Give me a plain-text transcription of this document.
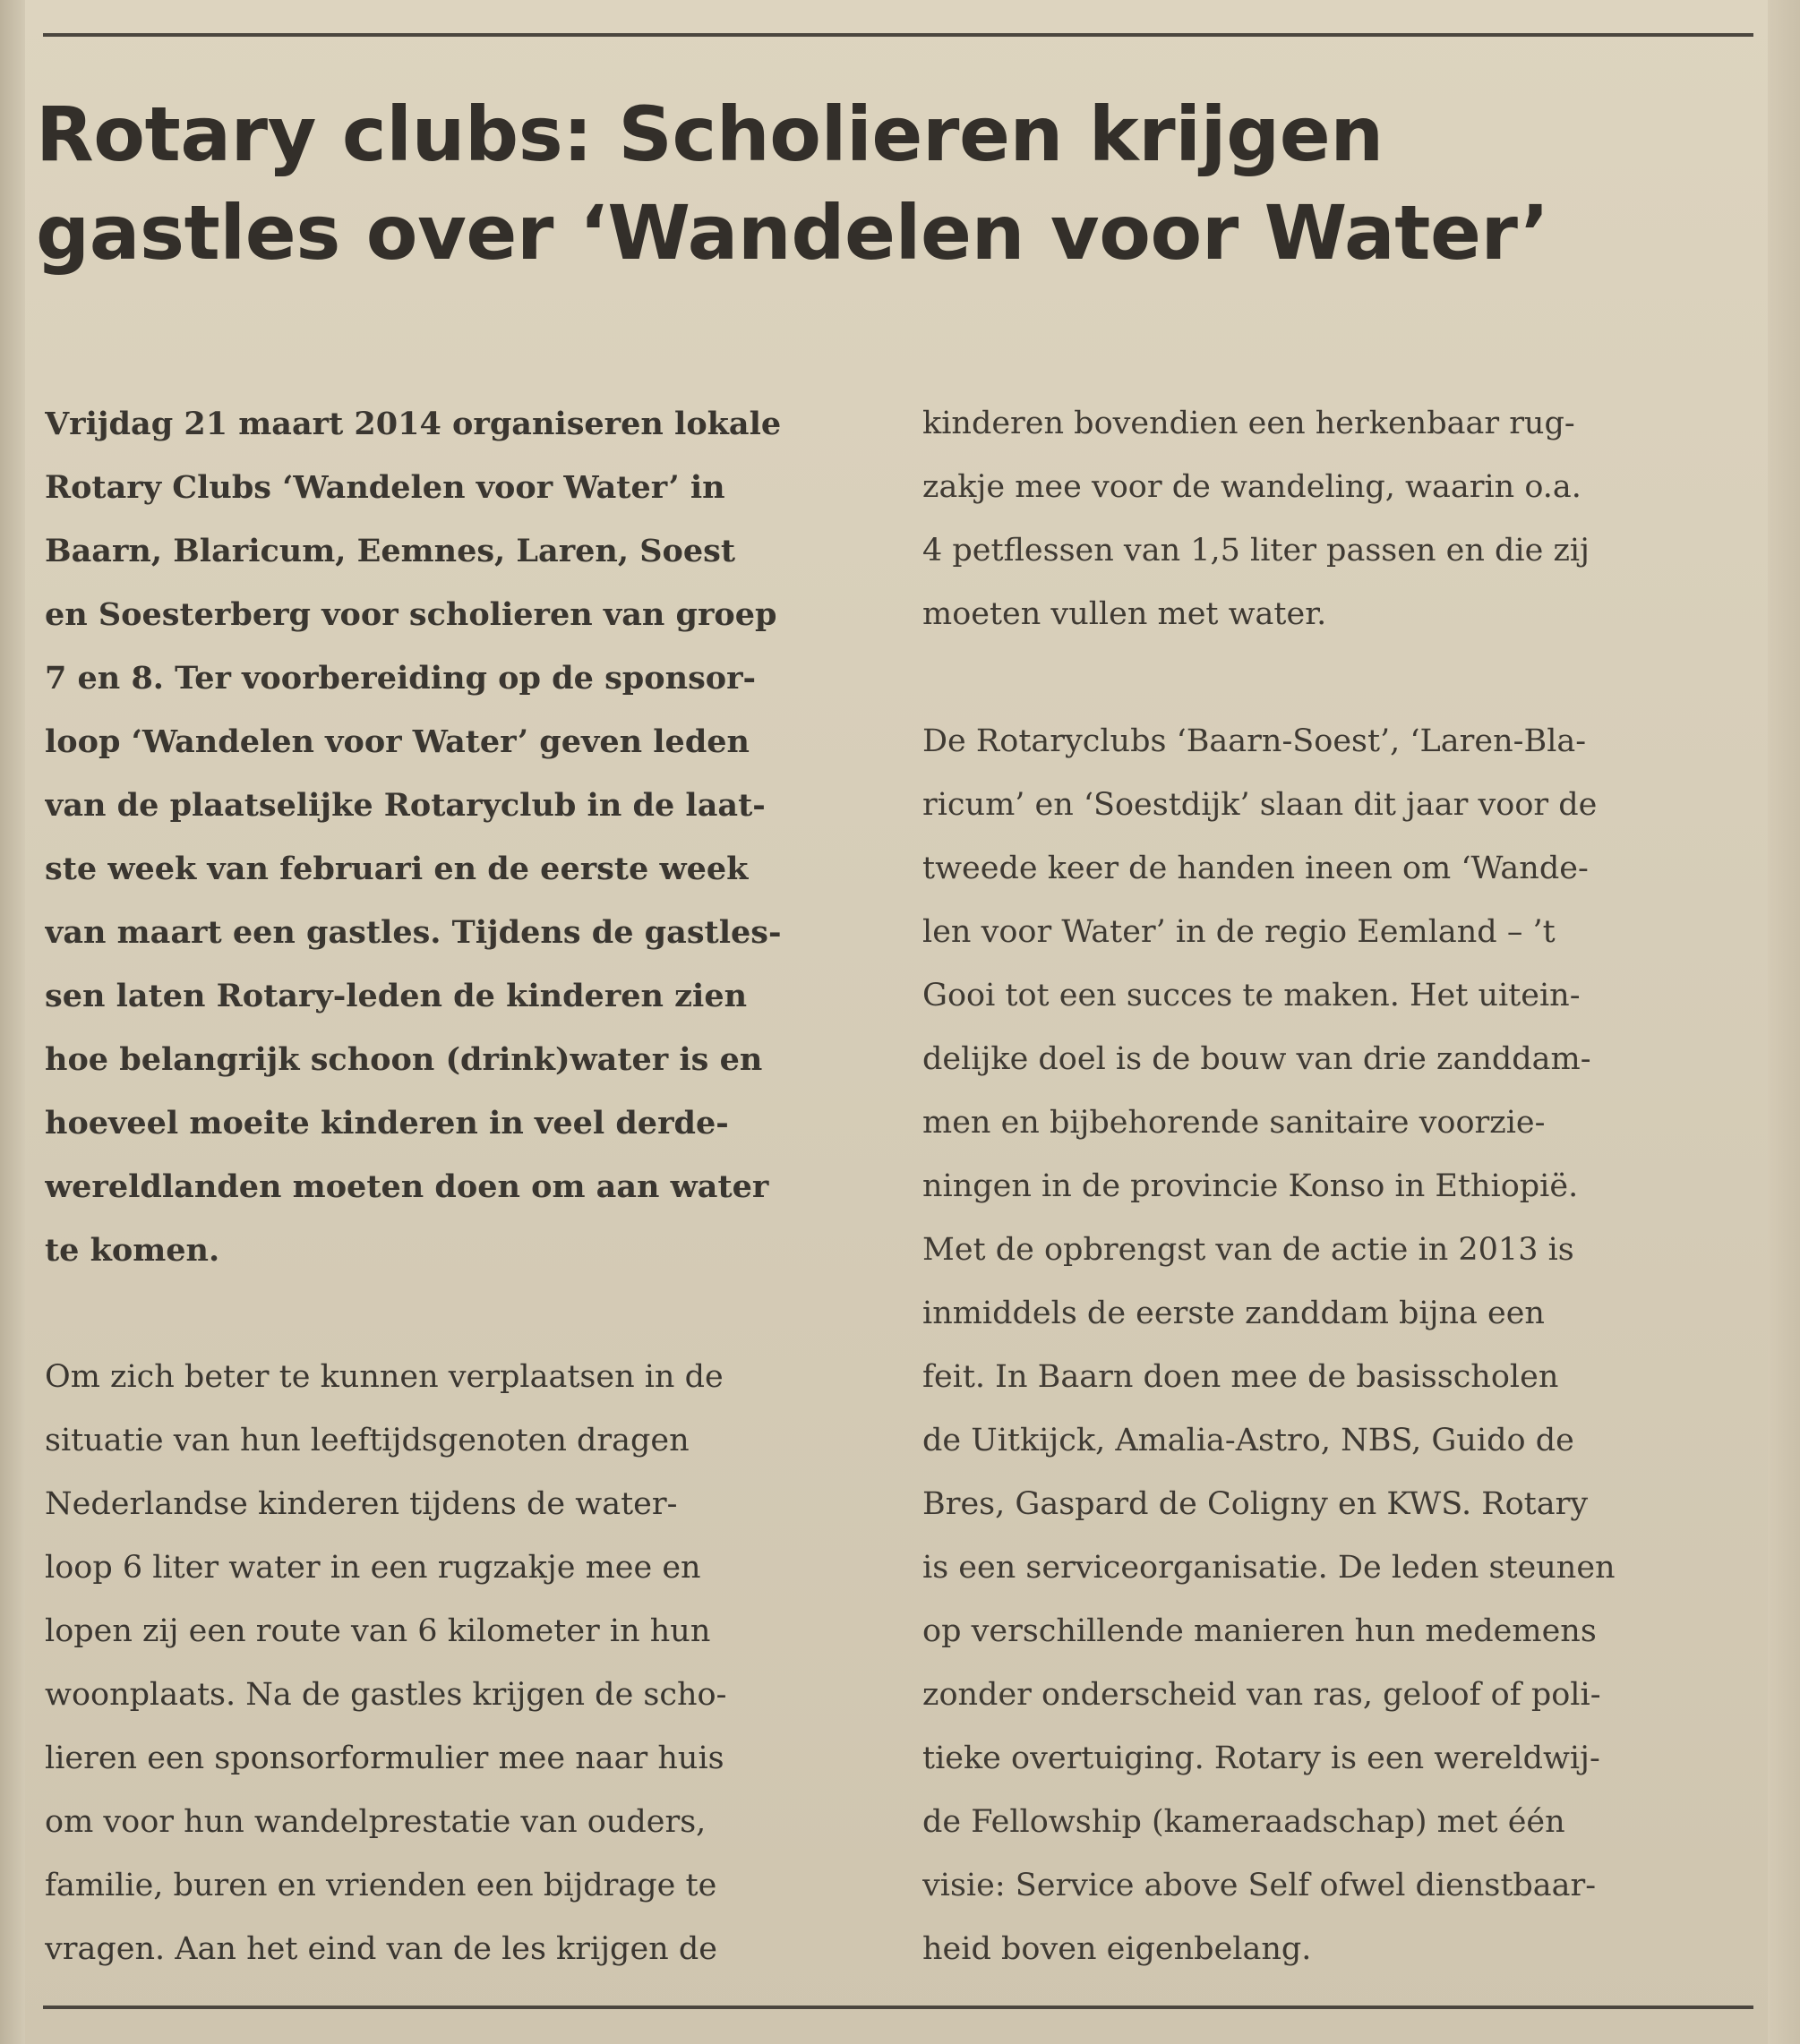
Rotary clubs: Scholieren krijgen
gastles over ‘Wandelen voor Water’
Vrijdag 21 maart 2014 organiseren lokale
Rotary Clubs ‘Wandelen voor Water’ in
Baarn, Blaricum, Eemnes, Laren, Soest
en Soesterberg voor scholieren van groep
7 en 8. Ter voorbereiding op de sponsor-
loop ‘Wandelen voor Water’ geven leden
van de plaatselijke Rotaryclub in de laat-
ste week van februari en de eerste week
van maart een gastles. Tijdens de gastles-
sen laten Rotary-leden de kinderen zien
hoe belangrijk schoon (drink)water is en
hoeveel moeite kinderen in veel derde-
wereldlanden moeten doen om aan water
te komen.
Om zich beter te kunnen verplaatsen in de
situatie van hun leeftijdsgenoten dragen
Nederlandse kinderen tijdens de water-
loop 6 liter water in een rugzakje mee en
lopen zij een route van 6 kilometer in hun
woonplaats. Na de gastles krijgen de scho-
lieren een sponsorformulier mee naar huis
om voor hun wandelprestatie van ouders,
familie, buren en vrienden een bijdrage te
vragen. Aan het eind van de les krijgen de
kinderen bovendien een herkenbaar rug-
zakje mee voor de wandeling, waarin o.a.
4 petflessen van 1,5 liter passen en die zij
moeten vullen met water.
De Rotaryclubs ‘Baarn-Soest’, ‘Laren-Bla-
ricum’ en ‘Soestdijk’ slaan dit jaar voor de
tweede keer de handen ineen om ‘Wande-
len voor Water’ in de regio Eemland – ’t
Gooi tot een succes te maken. Het uitein-
delijke doel is de bouw van drie zanddam-
men en bijbehorende sanitaire voorzie-
ningen in de provincie Konso in Ethiopië.
Met de opbrengst van de actie in 2013 is
inmiddels de eerste zanddam bijna een
feit. In Baarn doen mee de basisscholen
de Uitkijck, Amalia-Astro, NBS, Guido de
Bres, Gaspard de Coligny en KWS. Rotary
is een serviceorganisatie. De leden steunen
op verschillende manieren hun medemens
zonder onderscheid van ras, geloof of poli-
tieke overtuiging. Rotary is een wereldwij-
de Fellowship (kameraadschap) met één
visie: Service above Self ofwel dienstbaar-
heid boven eigenbelang.
